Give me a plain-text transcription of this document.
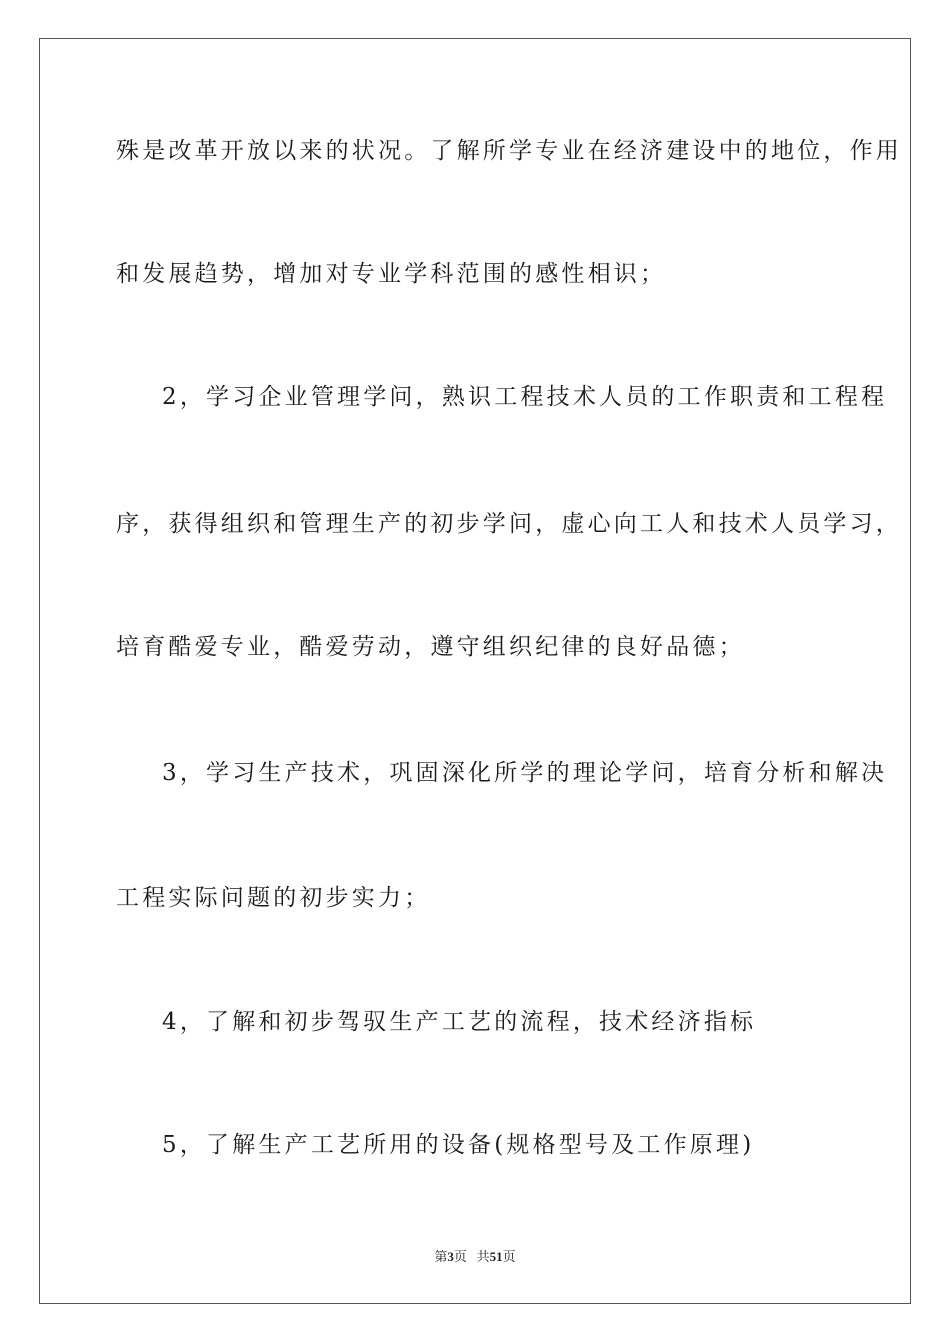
殊是改革开放以来的状况。了解所学专业在经济建设中的地位，作用
和发展趋势，增加对专业学科范围的感性相识；
2，学习企业管理学问，熟识工程技术人员的工作职责和工程程
序，获得组织和管理生产的初步学问，虚心向工人和技术人员学习，
培育酷爱专业，酷爱劳动，遵守组织纪律的良好品德；
3，学习生产技术，巩固深化所学的理论学问，培育分析和解决
工程实际问题的初步实力；
4，了解和初步驾驭生产工艺的流程，技术经济指标
5，了解生产工艺所用的设备(规格型号及工作原理)
第3页 共51页
